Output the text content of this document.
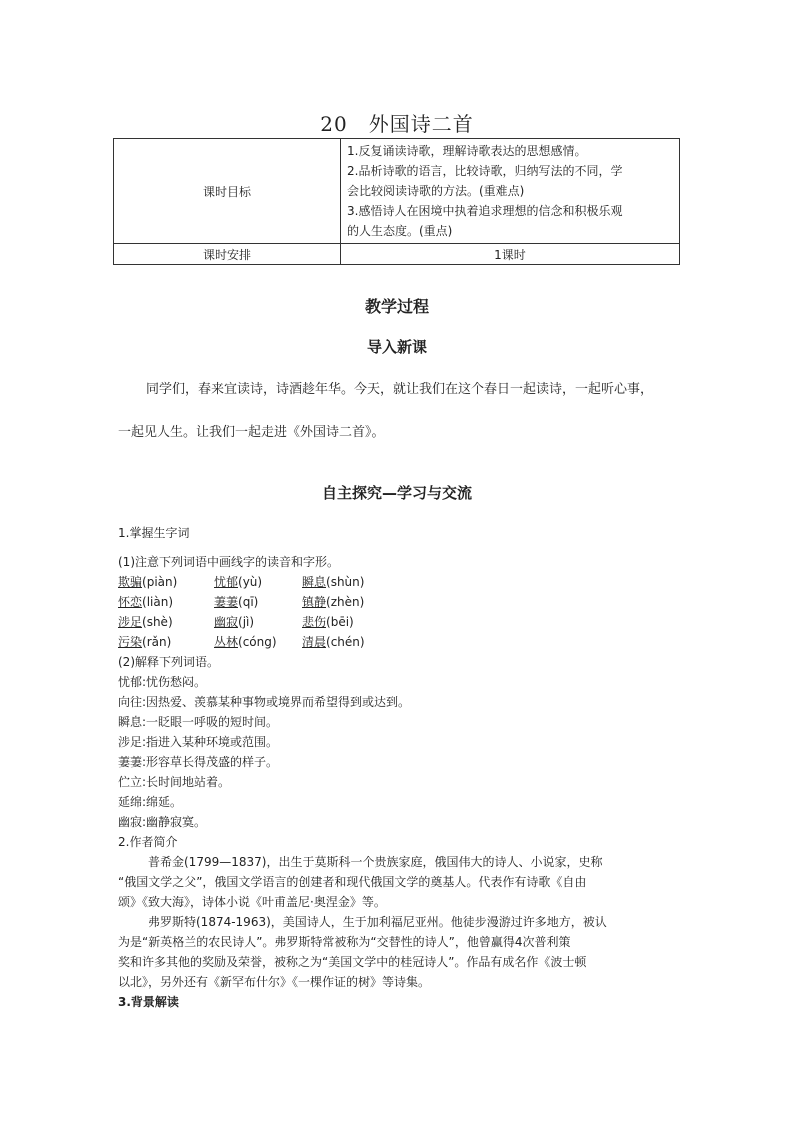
20　外国诗二首
课时目标	1.反复诵读诗歌，理解诗歌表达的思想感情。
2.品析诗歌的语言，比较诗歌，归纳写法的不同，学
会比较阅读诗歌的方法。(重难点)
3.感悟诗人在困境中执着追求理想的信念和积极乐观
的人生态度。(重点)

课时安排	1课时
教学过程
导入新课
同学们，春来宜读诗，诗酒趁年华。今天，就让我们在这个春日一起读诗，一起听心事，
一起见人生。让我们一起走进《外国诗二首》。
自主探究—学习与交流
1.掌握生字词
(1)注意下列词语中画线字的读音和字形。
欺骗(piàn)	忧郁(yù)	瞬息(shùn)
怀恋(liàn)	萋萋(qī)	镇静(zhèn)
涉足(shè)	幽寂(jì)	悲伤(bēi)
污染(rǎn)	丛林(cóng)	清晨(chén)
(2)解释下列词语。
忧郁:忧伤愁闷。
向往:因热爱、羡慕某种事物或境界而希望得到或达到。
瞬息:一眨眼一呼吸的短时间。
涉足:指进入某种环境或范围。
萋萋:形容草长得茂盛的样子。
伫立:长时间地站着。
延绵:绵延。
幽寂:幽静寂寞。
2.作者简介
普希金(1799—1837)，出生于莫斯科一个贵族家庭，俄国伟大的诗人、小说家，史称
“俄国文学之父”，俄国文学语言的创建者和现代俄国文学的奠基人。代表作有诗歌《自由
颂》《致大海》，诗体小说《叶甫盖尼·奥涅金》等。
弗罗斯特(1874-1963)，美国诗人，生于加利福尼亚州。他徒步漫游过许多地方，被认
为是“新英格兰的农民诗人”。弗罗斯特常被称为“交替性的诗人”，他曾赢得4次普利策
奖和许多其他的奖励及荣誉，被称之为“美国文学中的桂冠诗人”。作品有成名作《波士顿
以北》，另外还有《新罕布什尔》《一棵作证的树》等诗集。
3.背景解读
